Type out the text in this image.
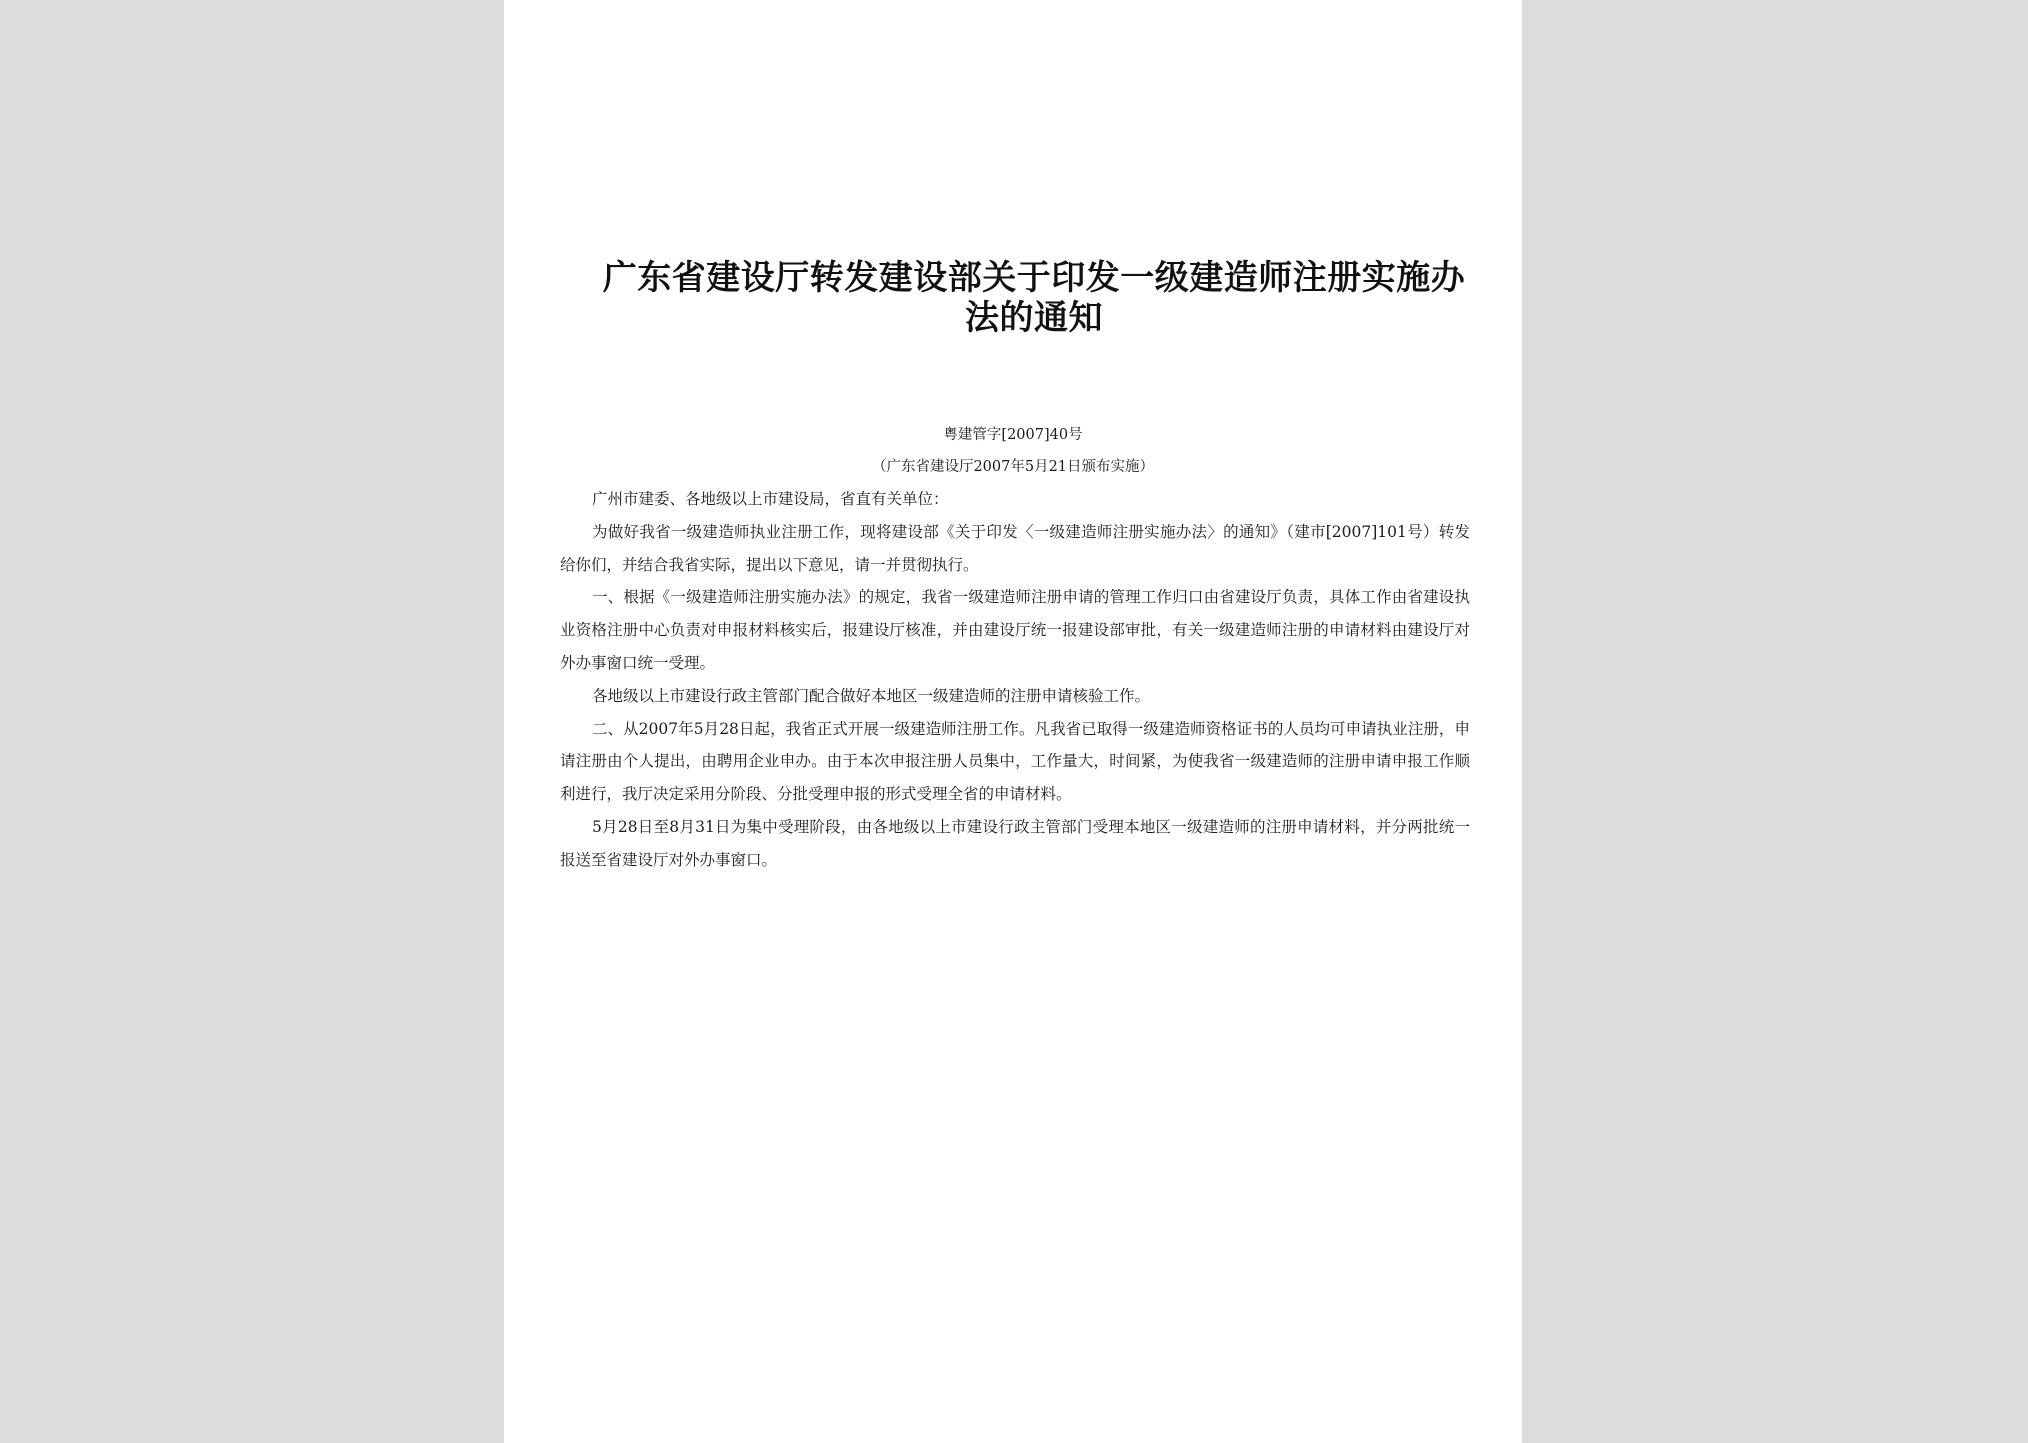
广东省建设厅转发建设部关于印发一级建造师注册实施办法的通知
粤建管字[2007]40号
（广东省建设厅2007年5月21日颁布实施）

广州市建委、各地级以上市建设局，省直有关单位：

为做好我省一级建造师执业注册工作，现将建设部《关于印发〈一级建造师注册实施办法〉的通知》（建市[2007]101号）转发给你们，并结合我省实际，提出以下意见，请一并贯彻执行。

一、根据《一级建造师注册实施办法》的规定，我省一级建造师注册申请的管理工作归口由省建设厅负责，具体工作由省建设执业资格注册中心负责对申报材料核实后，报建设厅核准，并由建设厅统一报建设部审批，有关一级建造师注册的申请材料由建设厅对外办事窗口统一受理。

各地级以上市建设行政主管部门配合做好本地区一级建造师的注册申请核验工作。

二、从2007年5月28日起，我省正式开展一级建造师注册工作。凡我省已取得一级建造师资格证书的人员均可申请执业注册，申请注册由个人提出，由聘用企业申办。由于本次申报注册人员集中，工作量大，时间紧，为使我省一级建造师的注册申请申报工作顺利进行，我厅决定采用分阶段、分批受理申报的形式受理全省的申请材料。

5月28日至8月31日为集中受理阶段，由各地级以上市建设行政主管部门受理本地区一级建造师的注册申请材料，并分两批统一报送至省建设厅对外办事窗口。
